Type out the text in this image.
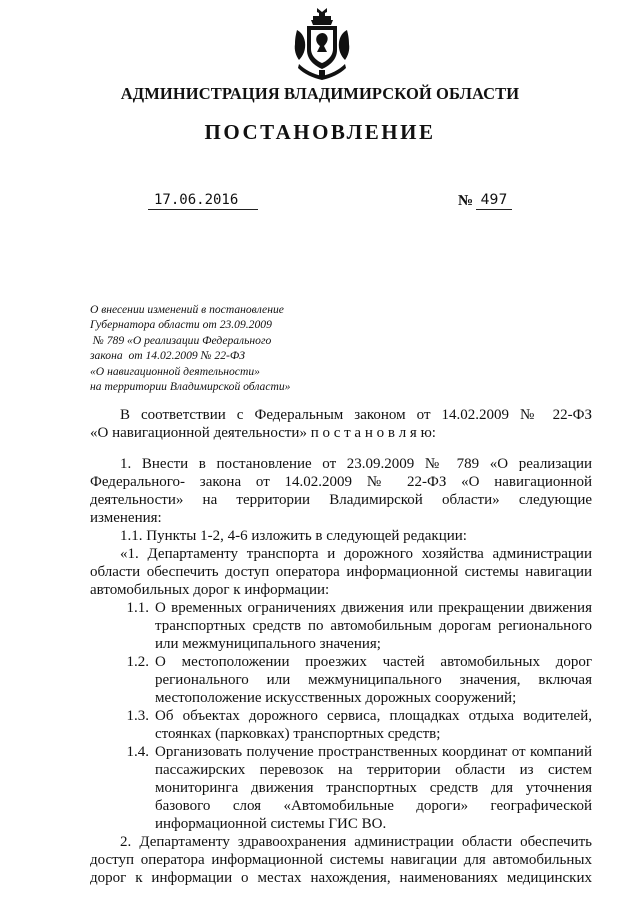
АДМИНИСТРАЦИЯ ВЛАДИМИРСКОЙ ОБЛАСТИ
ПОСТАНОВЛЕНИЕ
17.06.2016	№ 497
О внесении изменений в постановление
Губернатора области от 23.09.2009
№ 789 «О реализации Федерального
закона  от 14.02.2009 № 22-ФЗ
«О навигационной деятельности»
на территории Владимирской области»
В соответствии с Федеральным законом от 14.02.2009 № 22-ФЗ
«О навигационной деятельности» п о с т а н о в л я ю:
1. Внести в постановление от 23.09.2009 № 789 «О реализации
Федерального- закона от 14.02.2009 № 22-ФЗ «О навигационной
деятельности» на территории Владимирской области» следующие
изменения:
1.1. Пункты 1-2, 4-6 изложить в следующей редакции:
«1. Департаменту транспорта и дорожного хозяйства администрации
области обеспечить доступ оператора информационной системы навигации
автомобильных дорог к информации:
1.1. О временных ограничениях движения или прекращении движения
транспортных средств по автомобильным дорогам регионального
или межмуниципального значения;
1.2. О местоположении проезжих частей автомобильных дорог
регионального или межмуниципального значения, включая
местоположение искусственных дорожных сооружений;
1.3. Об объектах дорожного сервиса, площадках отдыха водителей,
стоянках (парковках) транспортных средств;
1.4. Организовать получение пространственных координат от компаний
пассажирских перевозок на территории области из систем
мониторинга движения транспортных средств для уточнения
базового слоя «Автомобильные дороги» географической
информационной системы ГИС ВО.
2. Департаменту здравоохранения администрации области обеспечить
доступ оператора информационной системы навигации для автомобильных
дорог к информации о местах нахождения, наименованиях медицинских
